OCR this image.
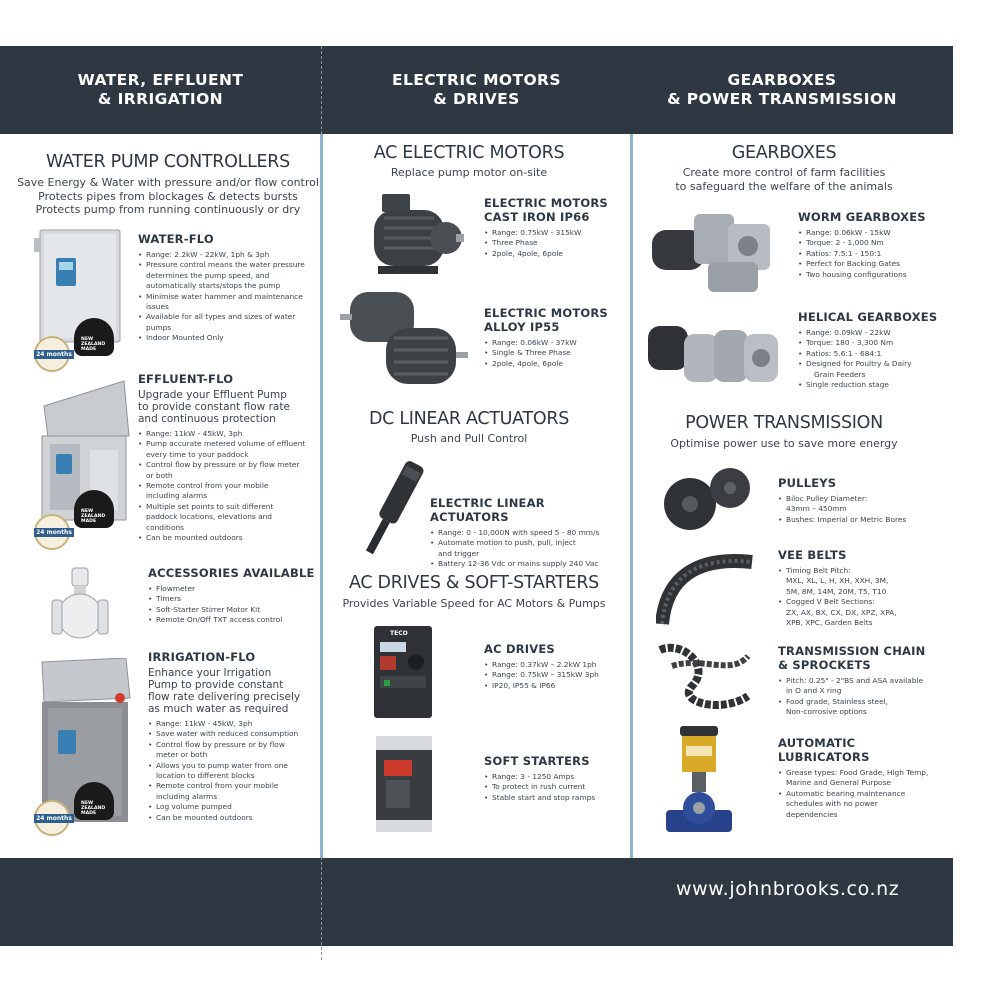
WATER, EFFLUENT
& IRRIGATION
ELECTRIC MOTORS
& DRIVES
GEARBOXES
& POWER TRANSMISSION
www.johnbrooks.co.nz
WATER PUMP CONTROLLERS
Save Energy & Water with pressure and/or flow control
Protects pipes from blockages & detects bursts
Protects pump from running continuously or dry
NEW
ZEALAND
MADE
24 months
WATER-FLO
• Range: 2.2kW - 22kW, 1ph & 3ph
• Pressure control means the water pressure
determines the pump speed, and
automatically starts/stops the pump
• Minimise water hammer and maintenance
issues
• Available for all types and sizes of water
pumps
• Indoor Mounted Only
NEW
ZEALAND
MADE
24 months
EFFLUENT-FLO
Upgrade your Effluent Pump
to provide constant flow rate
and continuous protection
• Range: 11kW - 45kW, 3ph
• Pump accurate metered volume of effluent
every time to your paddock
• Control flow by pressure or by flow meter
or both
• Remote control from your mobile
including alarms
• Multiple set points to suit different
paddock locations, elevations and
conditions
• Can be mounted outdoors
ACCESSORIES AVAILABLE
• Flowmeter
• Timers
• Soft-Starter Stirrer Motor Kit
• Remote On/Off TXT access control
NEW
ZEALAND
MADE
24 months
IRRIGATION-FLO
Enhance your Irrigation
Pump to provide constant
flow rate delivering precisely
as much water as required
• Range: 11kW - 45kW, 3ph
• Save water with reduced consumption
• Control flow by pressure or by flow
meter or both
• Allows you to pump water from one
location to different blocks
• Remote control from your mobile
including alarms
• Log volume pumped
• Can be mounted outdoors
AC ELECTRIC MOTORS
Replace pump motor on-site
ELECTRIC MOTORS
CAST IRON IP66
• Range: 0.75kW - 315kW
• Three Phase
• 2pole, 4pole, 6pole
ELECTRIC MOTORS
ALLOY IP55
• Range: 0.06kW - 37kW
• Single & Three Phase
• 2pole, 4pole, 6pole
DC LINEAR ACTUATORS
Push and Pull Control
ELECTRIC LINEAR ACTUATORS
• Range: 0 - 10,000N with speed 5 - 80 mm/s
• Automate motion to push, pull, inject
and trigger
• Battery 12-36 Vdc or mains supply 240 Vac
AC DRIVES & SOFT-STARTERS
Provides Variable Speed for AC Motors & Pumps
TECO
AC DRIVES
• Range: 0.37kW – 2.2kW 1ph
• Range: 0.75kW – 315kW 3ph
• IP20, IP55 & IP66
SOFT STARTERS
• Range: 3 - 1250 Amps
• To protect in rush current
• Stable start and stop ramps
GEARBOXES
Create more control of farm facilities
to safeguard the welfare of the animals
WORM GEARBOXES
• Range: 0.06kW - 15kW
• Torque: 2 - 1,000 Nm
• Ratios: 7.5:1 - 150:1
• Perfect for Backing Gates
• Two housing configurations
HELICAL GEARBOXES
• Range: 0.09kW - 22kW
• Torque: 180 - 3,300 Nm
• Ratios: 5.6:1 - 684:1
• Designed for Poultry & Dairy
Grain Feeders
• Single reduction stage
POWER TRANSMISSION
Optimise power use to save more energy
PULLEYS
• Biloc Pulley Diameter:
43mm – 450mm
• Bushes: Imperial or Metric Bores
VEE BELTS
• Timing Belt Pitch:
MXL, XL, L, H, XH, XXH, 3M,
5M, 8M, 14M, 20M, T5, T10
• Cogged V Belt Sections:
ZX, AX, BX, CX, DX, XPZ, XPA,
XPB, XPC, Garden Belts
TRANSMISSION CHAIN
& SPROCKETS
• Pitch: 0.25" - 2"BS and ASA available
in O and X ring
• Food grade, Stainless steel,
Non-corrosive options
AUTOMATIC
LUBRICATORS
• Grease types: Food Grade, High Temp,
Marine and General Purpose
• Automatic bearing maintenance
schedules with no power
dependencies
